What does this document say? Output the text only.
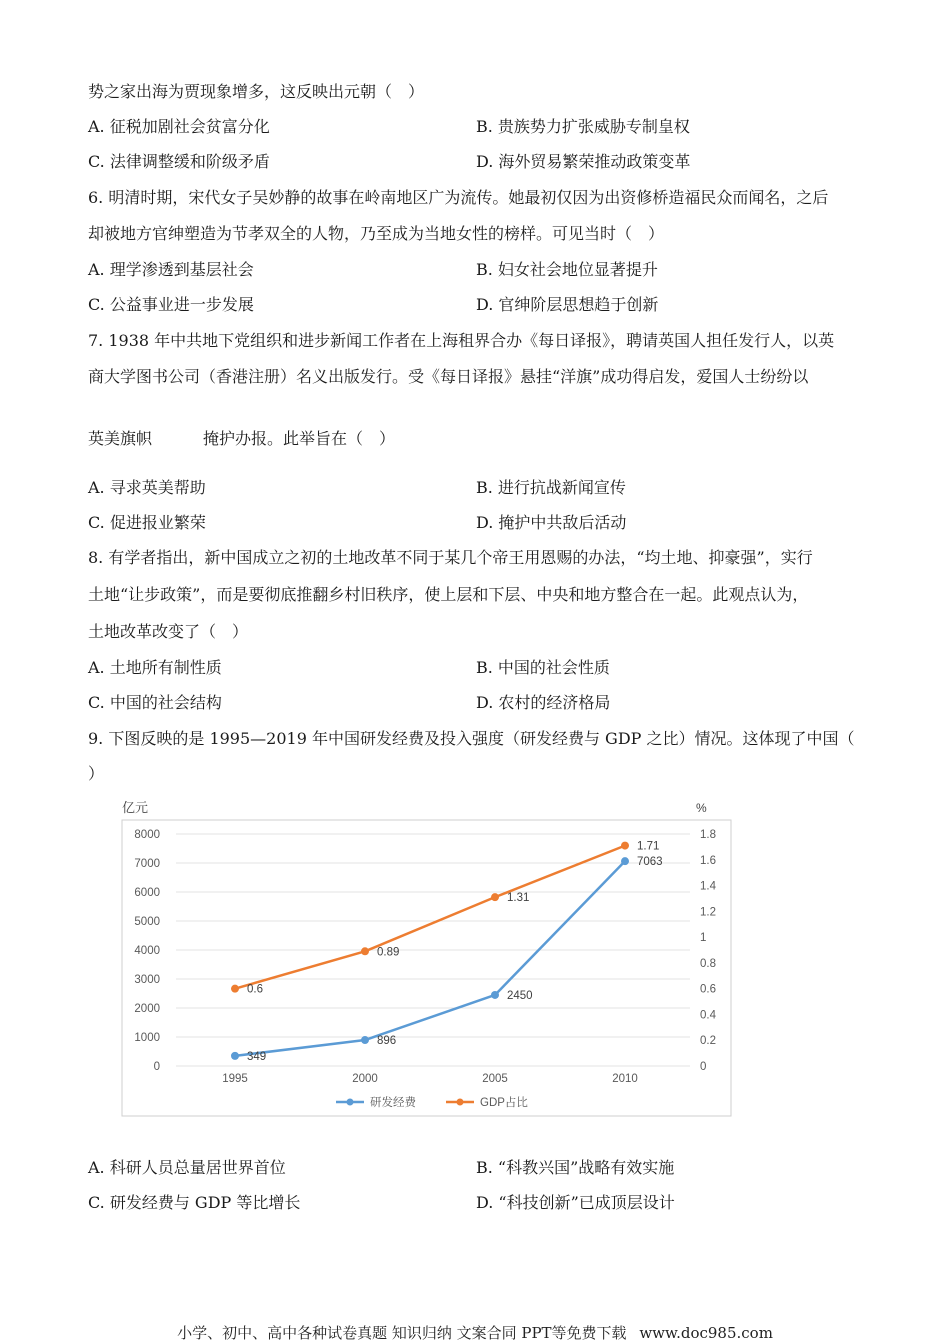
势之家出海为贾现象增多，这反映出元朝（　）
A. 征税加剧社会贫富分化	B. 贵族势力扩张威胁专制皇权
C. 法律调整缓和阶级矛盾	D. 海外贸易繁荣推动政策变革
6. 明清时期，宋代女子吴妙静的故事在岭南地区广为流传。她最初仅因为出资修桥造福民众而闻名，之后
却被地方官绅塑造为节孝双全的人物，乃至成为当地女性的榜样。可见当时（　）
A. 理学渗透到基层社会	B. 妇女社会地位显著提升
C. 公益事业进一步发展	D. 官绅阶层思想趋于创新
7. 1938 年中共地下党组织和进步新闻工作者在上海租界合办《每日译报》，聘请英国人担任发行人，以英
商大学图书公司（香港注册）名义出版发行。受《每日译报》悬挂“洋旗”成功得启发，爱国人士纷纷以
英美旗帜	掩护办报。此举旨在（　）
A. 寻求英美帮助	B. 进行抗战新闻宣传
C. 促进报业繁荣	D. 掩护中共敌后活动
8. 有学者指出，新中国成立之初的土地改革不同于某几个帝王用恩赐的办法，“均土地、抑豪强”，实行
土地“让步政策”，而是要彻底推翻乡村旧秩序，使上层和下层、中央和地方整合在一起。此观点认为，
土地改革改变了（　）
A. 土地所有制性质	B. 中国的社会性质
C. 中国的社会结构	D. 农村的经济格局
9. 下图反映的是 1995—2019 年中国研发经费及投入强度（研发经费与 GDP 之比）情况。这体现了中国（
）
亿元	%
0
1000
2000
3000
4000
5000
6000
7000
8000
0
0.2
0.4
0.6
0.8
1
1.2
1.4
1.6
1.8
1995	2000	2005	2010
349
896
2450
7063
0.6
0.89
1.31
1.71
研发经费	GDP占比
A. 科研人员总量居世界首位	B. “科教兴国”战略有效实施
C. 研发经费与 GDP 等比增长	D. “科技创新”已成顶层设计
小学、初中、高中各种试卷真题 知识归纳 文案合同 PPT等免费下载 www.doc985.com
